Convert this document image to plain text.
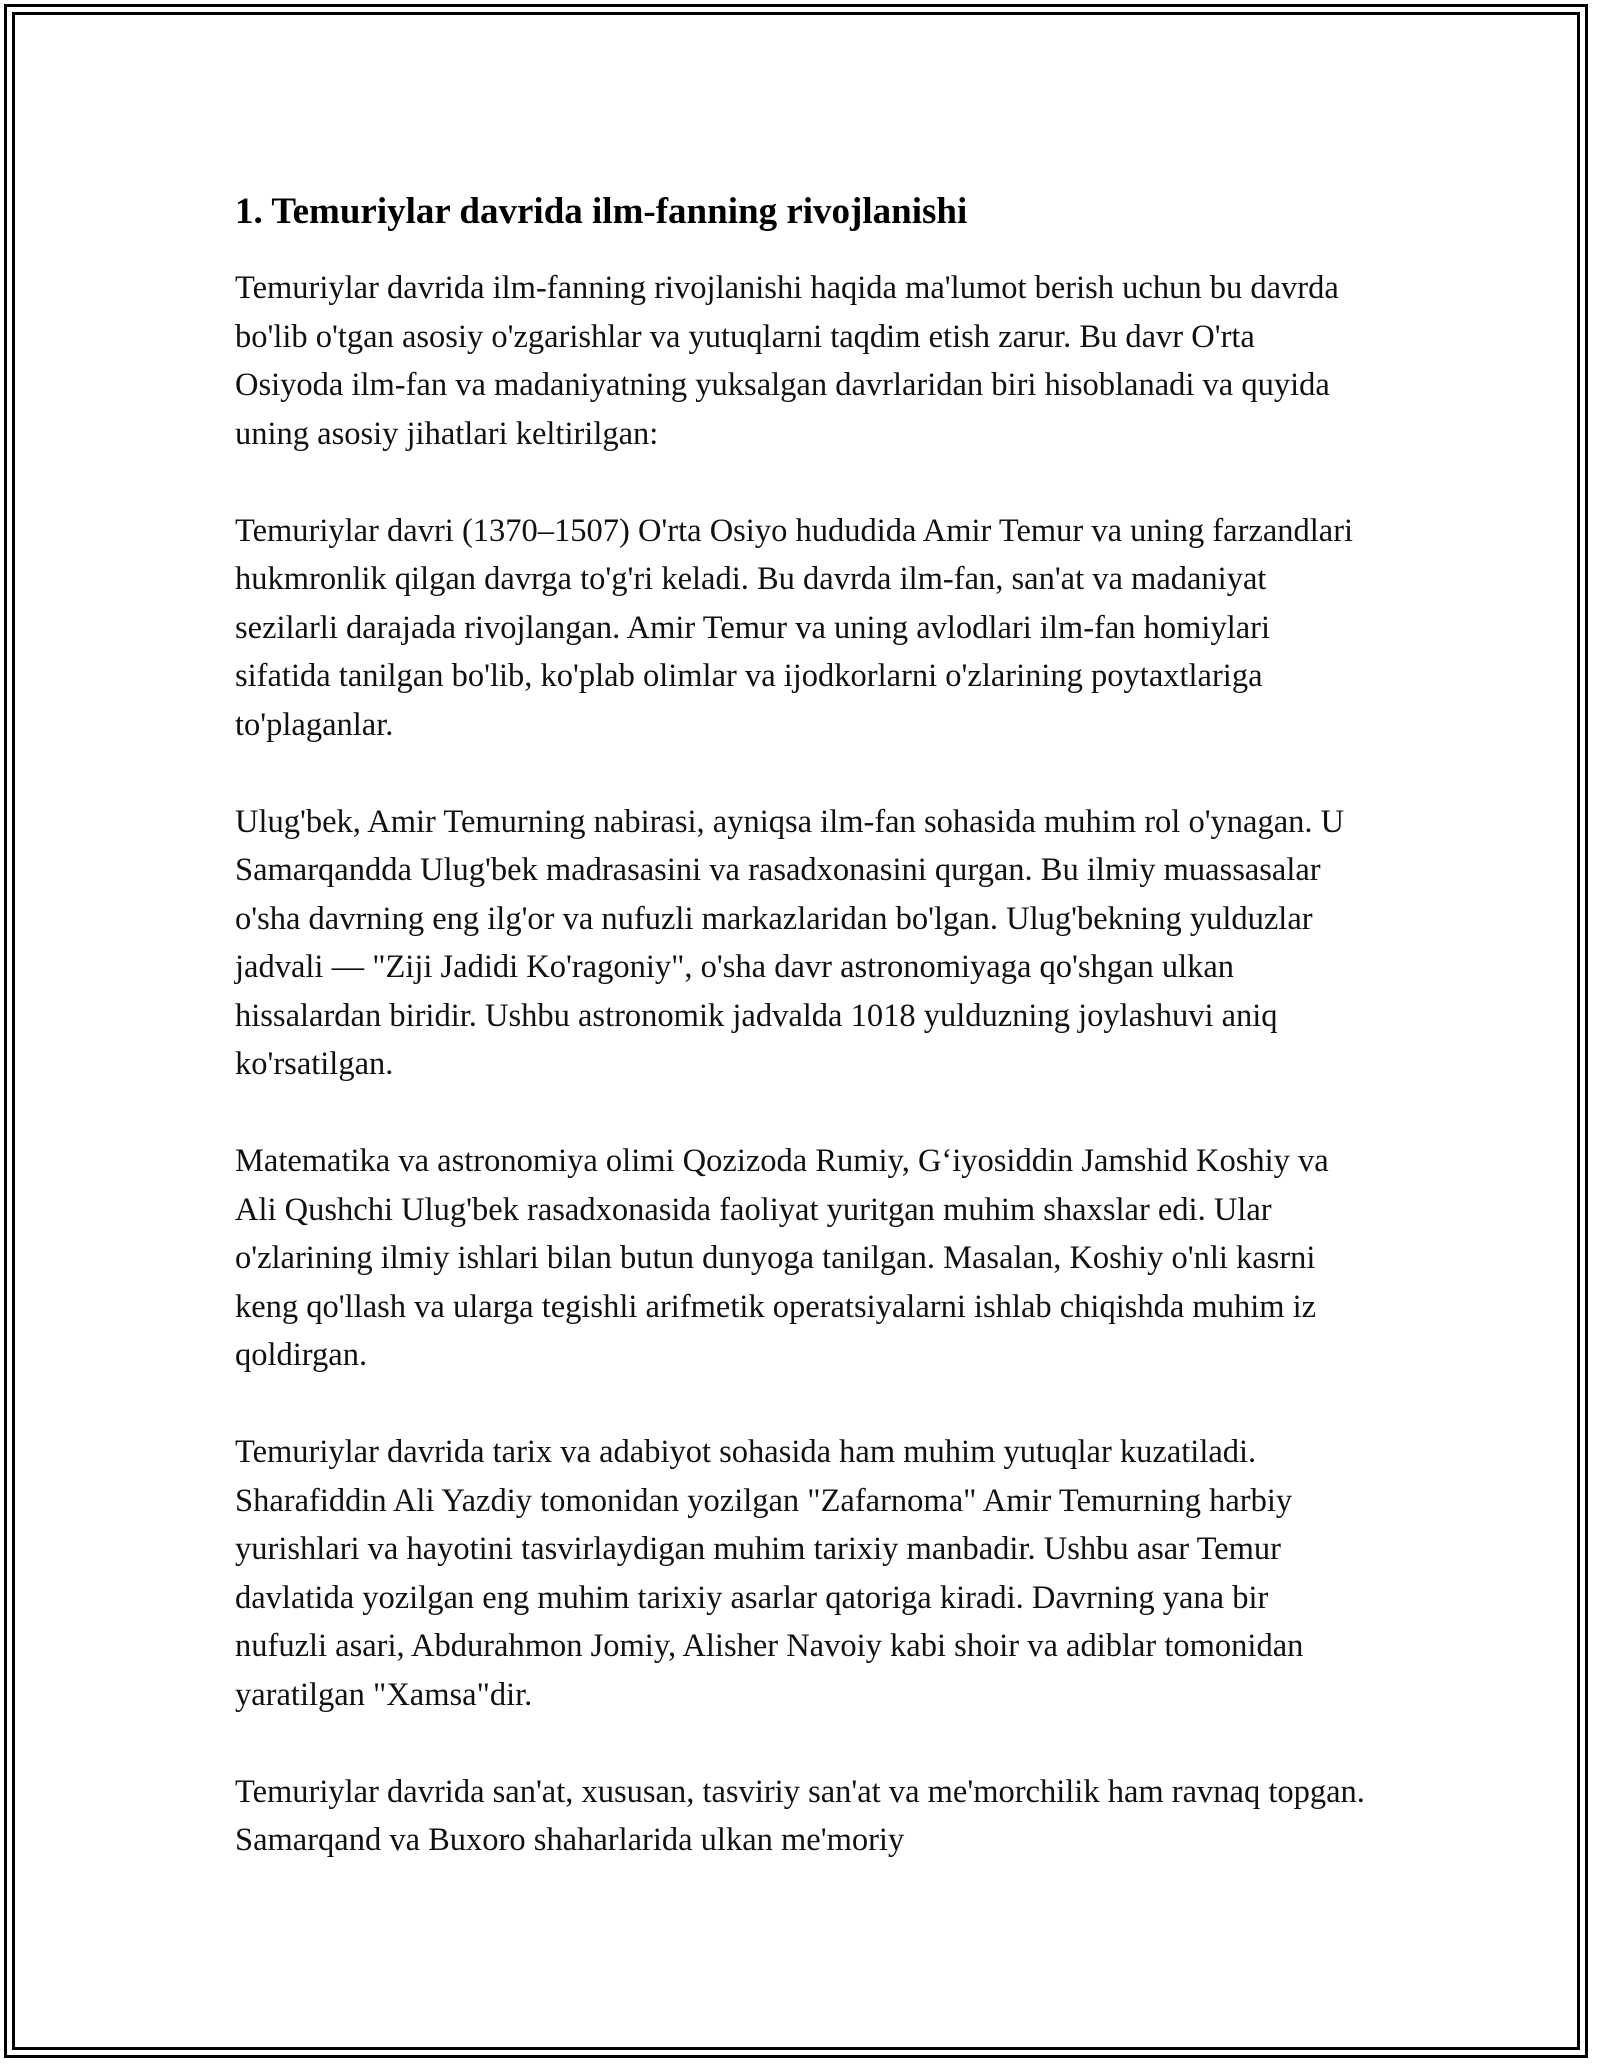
1. Temuriylar davrida ilm-fanning rivojlanishi

Temuriylar davrida ilm-fanning rivojlanishi haqida ma'lumot berish uchun bu davrda bo'lib o'tgan asosiy o'zgarishlar va yutuqlarni taqdim etish zarur. Bu davr O'rta Osiyoda ilm-fan va madaniyatning yuksalgan davrlaridan biri hisoblanadi va quyida uning asosiy jihatlari keltirilgan:

Temuriylar davri (1370–1507) O'rta Osiyo hududida Amir Temur va uning farzandlari hukmronlik qilgan davrga to'g'ri keladi. Bu davrda ilm-fan, san'at va madaniyat sezilarli darajada rivojlangan. Amir Temur va uning avlodlari ilm-fan homiylari sifatida tanilgan bo'lib, ko'plab olimlar va ijodkorlarni o'zlarining poytaxtlariga to'plaganlar.

Ulug'bek, Amir Temurning nabirasi, ayniqsa ilm-fan sohasida muhim rol o'ynagan. U Samarqandda Ulug'bek madrasasini va rasadxonasini qurgan. Bu ilmiy muassasalar o'sha davrning eng ilg'or va nufuzli markazlaridan bo'lgan. Ulug'bekning yulduzlar jadvali — "Ziji Jadidi Ko'ragoniy", o'sha davr astronomiyaga qo'shgan ulkan hissalardan biridir. Ushbu astronomik jadvalda 1018 yulduzning joylashuvi aniq ko'rsatilgan.

Matematika va astronomiya olimi Qozizoda Rumiy, G‘iyosiddin Jamshid Koshiy va Ali Qushchi Ulug'bek rasadxonasida faoliyat yuritgan muhim shaxslar edi. Ular o'zlarining ilmiy ishlari bilan butun dunyoga tanilgan. Masalan, Koshiy o'nli kasrni keng qo'llash va ularga tegishli arifmetik operatsiyalarni ishlab chiqishda muhim iz qoldirgan.

Temuriylar davrida tarix va adabiyot sohasida ham muhim yutuqlar kuzatiladi. Sharafiddin Ali Yazdiy tomonidan yozilgan "Zafarnoma" Amir Temurning harbiy yurishlari va hayotini tasvirlaydigan muhim tarixiy manbadir. Ushbu asar Temur davlatida yozilgan eng muhim tarixiy asarlar qatoriga kiradi. Davrning yana bir nufuzli asari, Abdurahmon Jomiy, Alisher Navoiy kabi shoir va adiblar tomonidan yaratilgan "Xamsa"dir.

Temuriylar davrida san'at, xususan, tasviriy san'at va me'morchilik ham ravnaq topgan. Samarqand va Buxoro shaharlarida ulkan me'moriy
